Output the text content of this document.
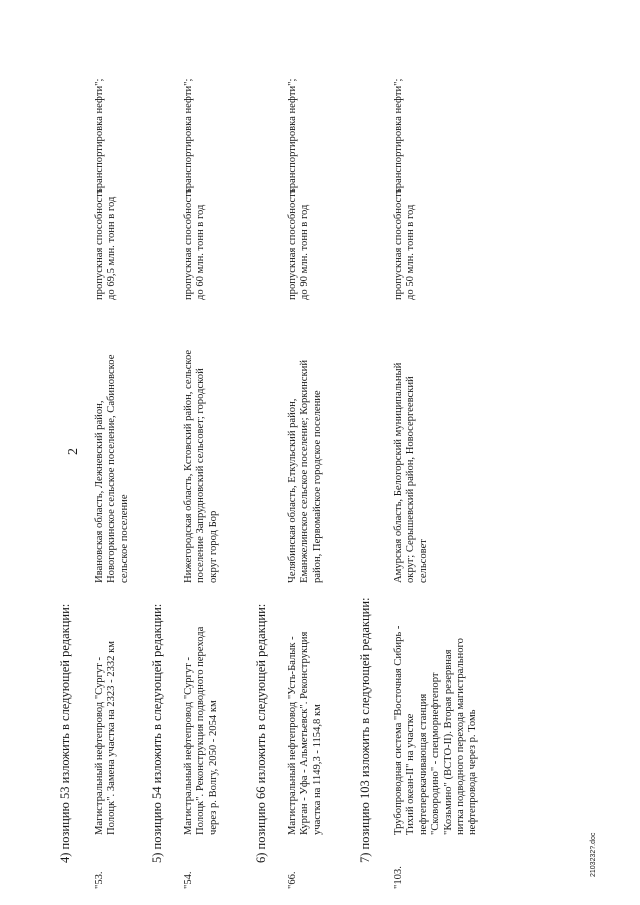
2
4) позицию 53 изложить в следующей редакции:
"53.
Магистральный нефтепровод "Сургут - Полоцк". Замена участка на 2323 - 2332 км
Ивановская область, Лежневский район, Новогоркинское сельское поселение, Сабиновское сельское поселение
пропускная способность до 69,5 млн. тонн в год
транспортировка нефти";
5) позицию 54 изложить в следующей редакции:
"54.
Магистральный нефтепровод "Сургут - Полоцк". Реконструкция подводного перехода через р. Волгу, 2050 - 2054 км
Нижегородская область, Кстовский район, сельское поселение Запрудновский сельсовет; городской округ город Бор
пропускная способность до 60 млн. тонн в год
транспортировка нефти";
6) позицию 66 изложить в следующей редакции:
"66.
Магистральный нефтепровод "Усть-Балык - Курган - Уфа - Альметьевск". Реконструкция участка на 1149,3 - 1154,8 км
Челябинская область, Еткульский район, Еманжелинское сельское поселение; Коркинский район, Первомайское городское поселение
пропускная способность до 90 млн. тонн в год
транспортировка нефти";
7) позицию 103 изложить в следующей редакции:
"103.
Трубопроводная система "Восточная Сибирь - Тихий океан-II" на участке нефтеперекачивающая станция "Сковородино" - спецморнефтепорт "Козьмино" (ВСТО-II). Вторая резервная нитка подводного перехода магистрального нефтепровода через р. Томь
Амурская область, Белогорский муниципальный округ; Серышевский район, Новосергеевский сельсовет
пропускная способность до 50 млн. тонн в год
транспортировка нефти";
2103232?.doc
